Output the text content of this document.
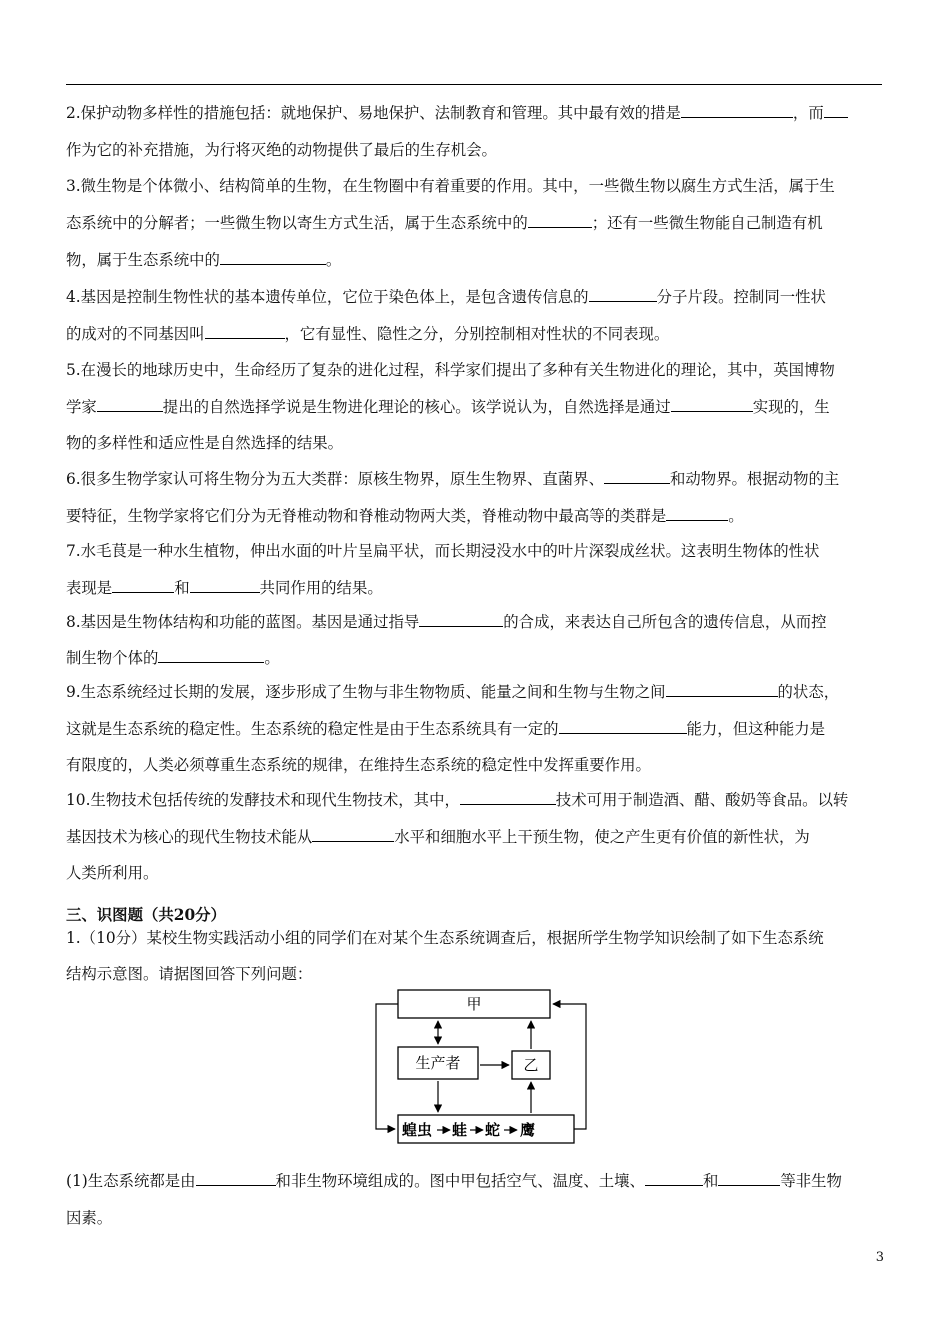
2.保护动物多样性的措施包括：就地保护、易地保护、法制教育和管理。其中最有效的措是	，而
作为它的补充措施，为行将灭绝的动物提供了最后的生存机会。
3.微生物是个体微小、结构简单的生物，在生物圈中有着重要的作用。其中，一些微生物以腐生方式生活，属于生
态系统中的分解者；一些微生物以寄生方式生活，属于生态系统中的	；还有一些微生物能自己制造有机
物，属于生态系统中的	。
4.基因是控制生物性状的基本遗传单位，它位于染色体上，是包含遗传信息的	分子片段。控制同一性状
的成对的不同基因叫	，它有显性、隐性之分，分别控制相对性状的不同表现。
5.在漫长的地球历史中，生命经历了复杂的进化过程，科学家们提出了多种有关生物进化的理论，其中，英国博物
学家	提出的自然选择学说是生物进化理论的核心。该学说认为，自然选择是通过	实现的，生
物的多样性和适应性是自然选择的结果。
6.很多生物学家认可将生物分为五大类群：原核生物界，原生生物界、直菌界、	和动物界。根据动物的主
要特征，生物学家将它们分为无脊椎动物和脊椎动物两大类，脊椎动物中最高等的类群是	。
7.水毛茛是一种水生植物，伸出水面的叶片呈扁平状，而长期浸没水中的叶片深裂成丝状。这表明生物体的性状
表现是	和	共同作用的结果。
8.基因是生物体结构和功能的蓝图。基因是通过指导	的合成，来表达自己所包含的遗传信息，从而控
制生物个体的	。
9.生态系统经过长期的发展，逐步形成了生物与非生物物质、能量之间和生物与生物之间	的状态，
这就是生态系统的稳定性。生态系统的稳定性是由于生态系统具有一定的	能力，但这种能力是
有限度的，人类必须尊重生态系统的规律，在维持生态系统的稳定性中发挥重要作用。
10.生物技术包括传统的发酵技术和现代生物技术，其中，	技术可用于制造酒、醋、酸奶等食品。以转
基因技术为核心的现代生物技术能从	水平和细胞水平上干预生物，使之产生更有价值的新性状，为
人类所利用。
1.（10分）某校生物实践活动小组的同学们在对某个生态系统调查后，根据所学生物学知识绘制了如下生态系统
结构示意图。请据图回答下列问题：
(1)生态系统都是由	和非生物环境组成的。图中甲包括空气、温度、土壤、	和	等非生物
因素。
三、识图题（共20分）
甲
生产者	乙
蝗虫 蛙 蛇 鹰
3
